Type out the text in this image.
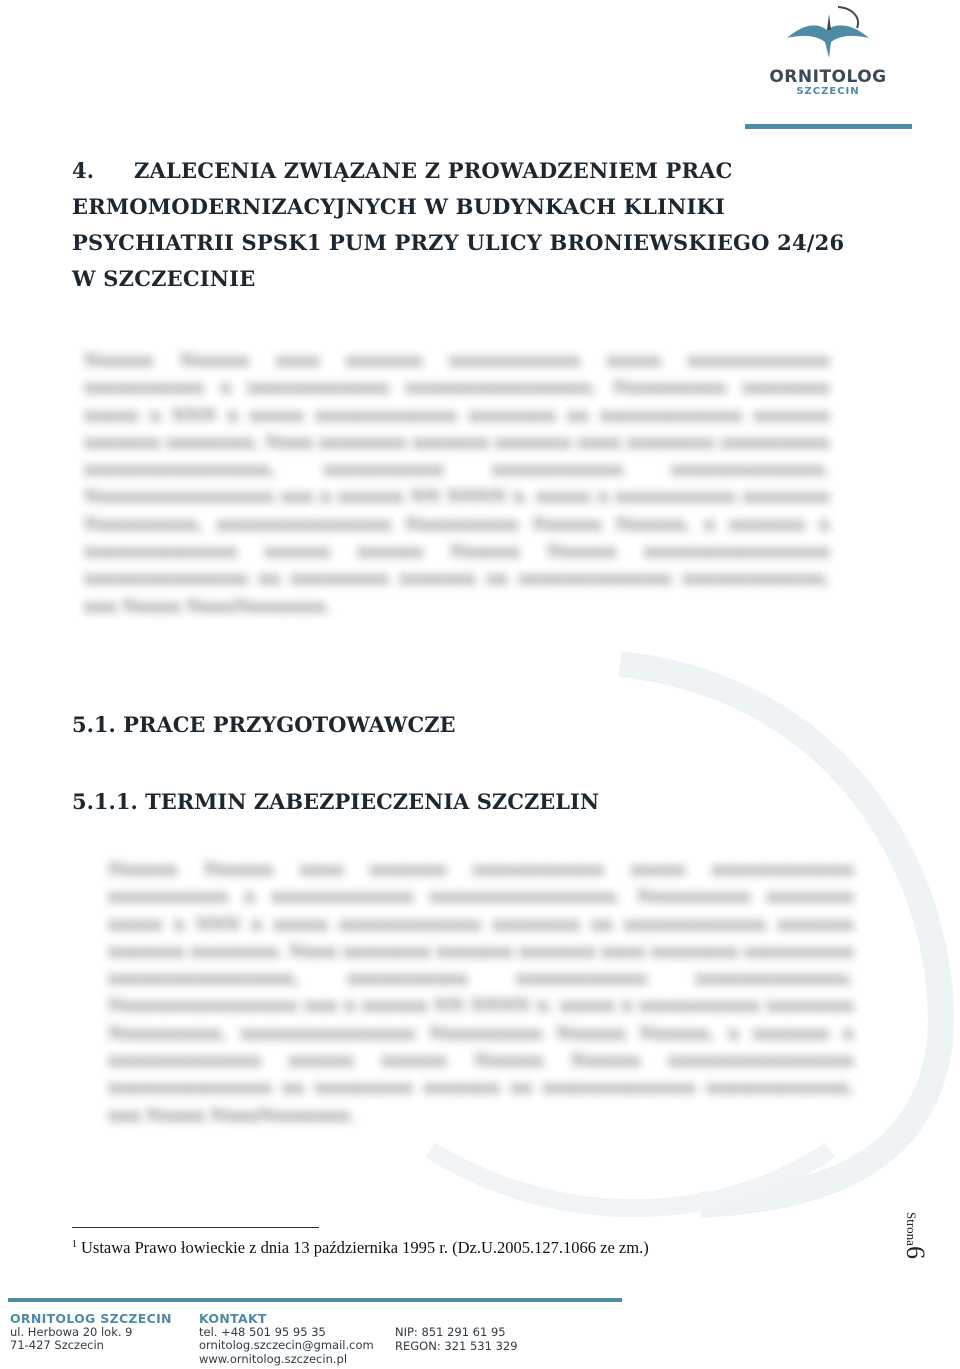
ORNITOLOG
SZCZECIN
4. ZALECENIA ZWIĄZANE Z PROWADZENIEM PRAC ERMOMODERNIZACYJNYCH W BUDYNKACH KLINIKI PSYCHIATRII SPSK1 PUM PRZY ULICY BRONIEWSKIEGO 24/26 W SZCZECINIE
Nnnnnn Nnnnnn nnnn nnnnnnn nnnnnnnnnnnn nnnnn nnnnnnnnnnnnn nnnnnnnnnnn n nnnnnnnnnnnnn nnnnnnnnnnnnnnnnn. Nnnnnnnnnn nnnnnnnn nnnnn n NNN n nnnnn nnnnnnnnnnnnn nnnnnnnn nn nnnnnnnnnnnnn nnnnnnn nnnnnnn nnnnnnnn. Nnnn nnnnnnnn nnnnnnn nnnnnnn nnnn nnnnnnnn nnnnnnnnnn nnnnnnnnnnnnnnnnn, nnnnnnnnnnn nnnnnnnnnnnn nnnnnnnnnnnnnn. Nnnnnnnnnnnnnnnnn nnn n nnnnnn NN NNNN n. nnnnn n nnnnnnnnnnn nnnnnnnn Nnnnnnnnnn, nnnnnnnnnnnnnnnn Nnnnnnnnnn Nnnnnn Nnnnnn, n nnnnnnn n nnnnnnnnnnnnnn nnnnnn nnnnnn Nnnnnn Nnnnnn nnnnnnnnnnnnnnnnn nnnnnnnnnnnnnnn nn nnnnnnnnn nnnnnnn nn nnnnnnnnnnnnnn nnnnnnnnnnnnn, nnn Nnnnn NnnnNnnnnnnn.
5.1. PRACE PRZYGOTOWAWCZE
5.1.1. TERMIN ZABEZPIECZENIA SZCZELIN
Nnnnnn Nnnnnn nnnn nnnnnnn nnnnnnnnnnnn nnnnn nnnnnnnnnnnnn nnnnnnnnnnn n nnnnnnnnnnnnn nnnnnnnnnnnnnnnnn. Nnnnnnnnnn nnnnnnnn nnnnn n NNN n nnnnn nnnnnnnnnnnnn nnnnnnnn nn nnnnnnnnnnnnn nnnnnnn nnnnnnn nnnnnnnn. Nnnn nnnnnnnn nnnnnnn nnnnnnn nnnn nnnnnnnn nnnnnnnnnn nnnnnnnnnnnnnnnnn, nnnnnnnnnnn nnnnnnnnnnnn nnnnnnnnnnnnnn. Nnnnnnnnnnnnnnnnn nnn n nnnnnn NN NNNN n. nnnnn n nnnnnnnnnnn nnnnnnnn Nnnnnnnnnn, nnnnnnnnnnnnnnnn Nnnnnnnnnn Nnnnnn Nnnnnn, n nnnnnnn n nnnnnnnnnnnnnn nnnnnn nnnnnn Nnnnnn Nnnnnn nnnnnnnnnnnnnnnnn nnnnnnnnnnnnnnn nn nnnnnnnnn nnnnnnn nn nnnnnnnnnnnnnn nnnnnnnnnnnnn, nnn Nnnnn NnnnNnnnnnnn.
$^1$ Ustawa Prawo łowieckie z dnia 13 października 1995 r. (Dz.U.2005.127.1066 ze zm.)
Strona6
ORNITOLOG SZCZECIN
ul. Herbowa 20 lok. 9
71-427 Szczecin
KONTAKT
tel. +48 501 95 95 35
ornitolog.szczecin@gmail.com
www.ornitolog.szczecin.pl
NIP: 851 291 61 95
REGON: 321 531 329
